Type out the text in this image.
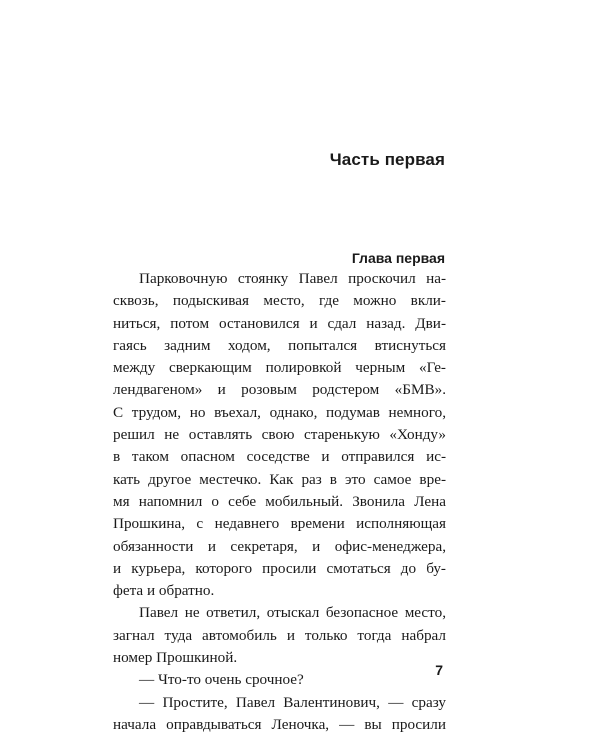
Часть первая
Глава первая
Парковочную стоянку Павел проскочил на-
сквозь, подыскивая место, где можно вкли-
ниться, потом остановился и сдал назад. Дви-
гаясь задним ходом, попытался втиснуться
между сверкающим полировкой черным «Ге-
лендвагеном» и розовым родстером «БМВ».
С трудом, но въехал, однако, подумав немного,
решил не оставлять свою старенькую «Хонду»
в таком опасном соседстве и отправился ис-
кать другое местечко. Как раз в это самое вре-
мя напомнил о себе мобильный. Звонила Лена
Прошкина, с недавнего времени исполняющая
обязанности и секретаря, и офис-менеджера,
и курьера, которого просили смотаться до бу-
фета и обратно.
Павел не ответил, отыскал безопасное место,
загнал туда автомобиль и только тогда набрал
номер Прошкиной.
— Что-то очень срочное?
— Простите, Павел Валентинович, — сразу
начала оправдываться Леночка, — вы просили
7
